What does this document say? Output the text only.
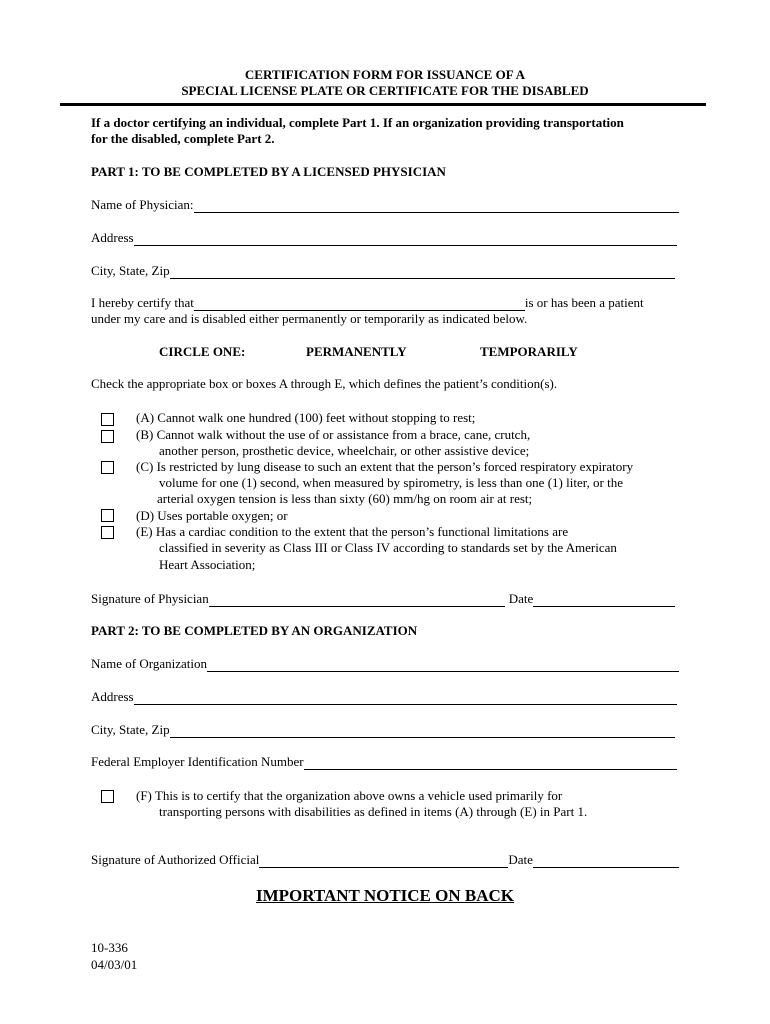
CERTIFICATION FORM FOR ISSUANCE OF A
SPECIAL LICENSE PLATE OR CERTIFICATE FOR THE DISABLED
If a doctor certifying an individual, complete Part 1. If an organization providing transportation
for the disabled, complete Part 2.
PART 1: TO BE COMPLETED BY A LICENSED PHYSICIAN
Name of Physician:
Address
City, State, Zip
I hereby certify that	is or has been a patient
under my care and is disabled either permanently or temporarily as indicated below.
CIRCLE ONE:	PERMANENTLY	TEMPORARILY
Check the appropriate box or boxes A through E, which defines the patient’s condition(s).
(A) Cannot walk one hundred (100) feet without stopping to rest;
(B) Cannot walk without the use of or assistance from a brace, cane, crutch,
another person, prosthetic device, wheelchair, or other assistive device;
(C) Is restricted by lung disease to such an extent that the person’s forced respiratory expiratory
volume for one (1) second, when measured by spirometry, is less than one (1) liter, or the
arterial oxygen tension is less than sixty (60) mm/hg on room air at rest;
(D) Uses portable oxygen; or
(E) Has a cardiac condition to the extent that the person’s functional limitations are
classified in severity as Class III or Class IV according to standards set by the American
Heart Association;
Signature of Physician	Date
PART 2: TO BE COMPLETED BY AN ORGANIZATION
Name of Organization
Address
City, State, Zip
Federal Employer Identification Number
(F) This is to certify that the organization above owns a vehicle used primarily for
transporting persons with disabilities as defined in items (A) through (E) in Part 1.
Signature of Authorized Official	Date
IMPORTANT NOTICE ON BACK
10-336
04/03/01
